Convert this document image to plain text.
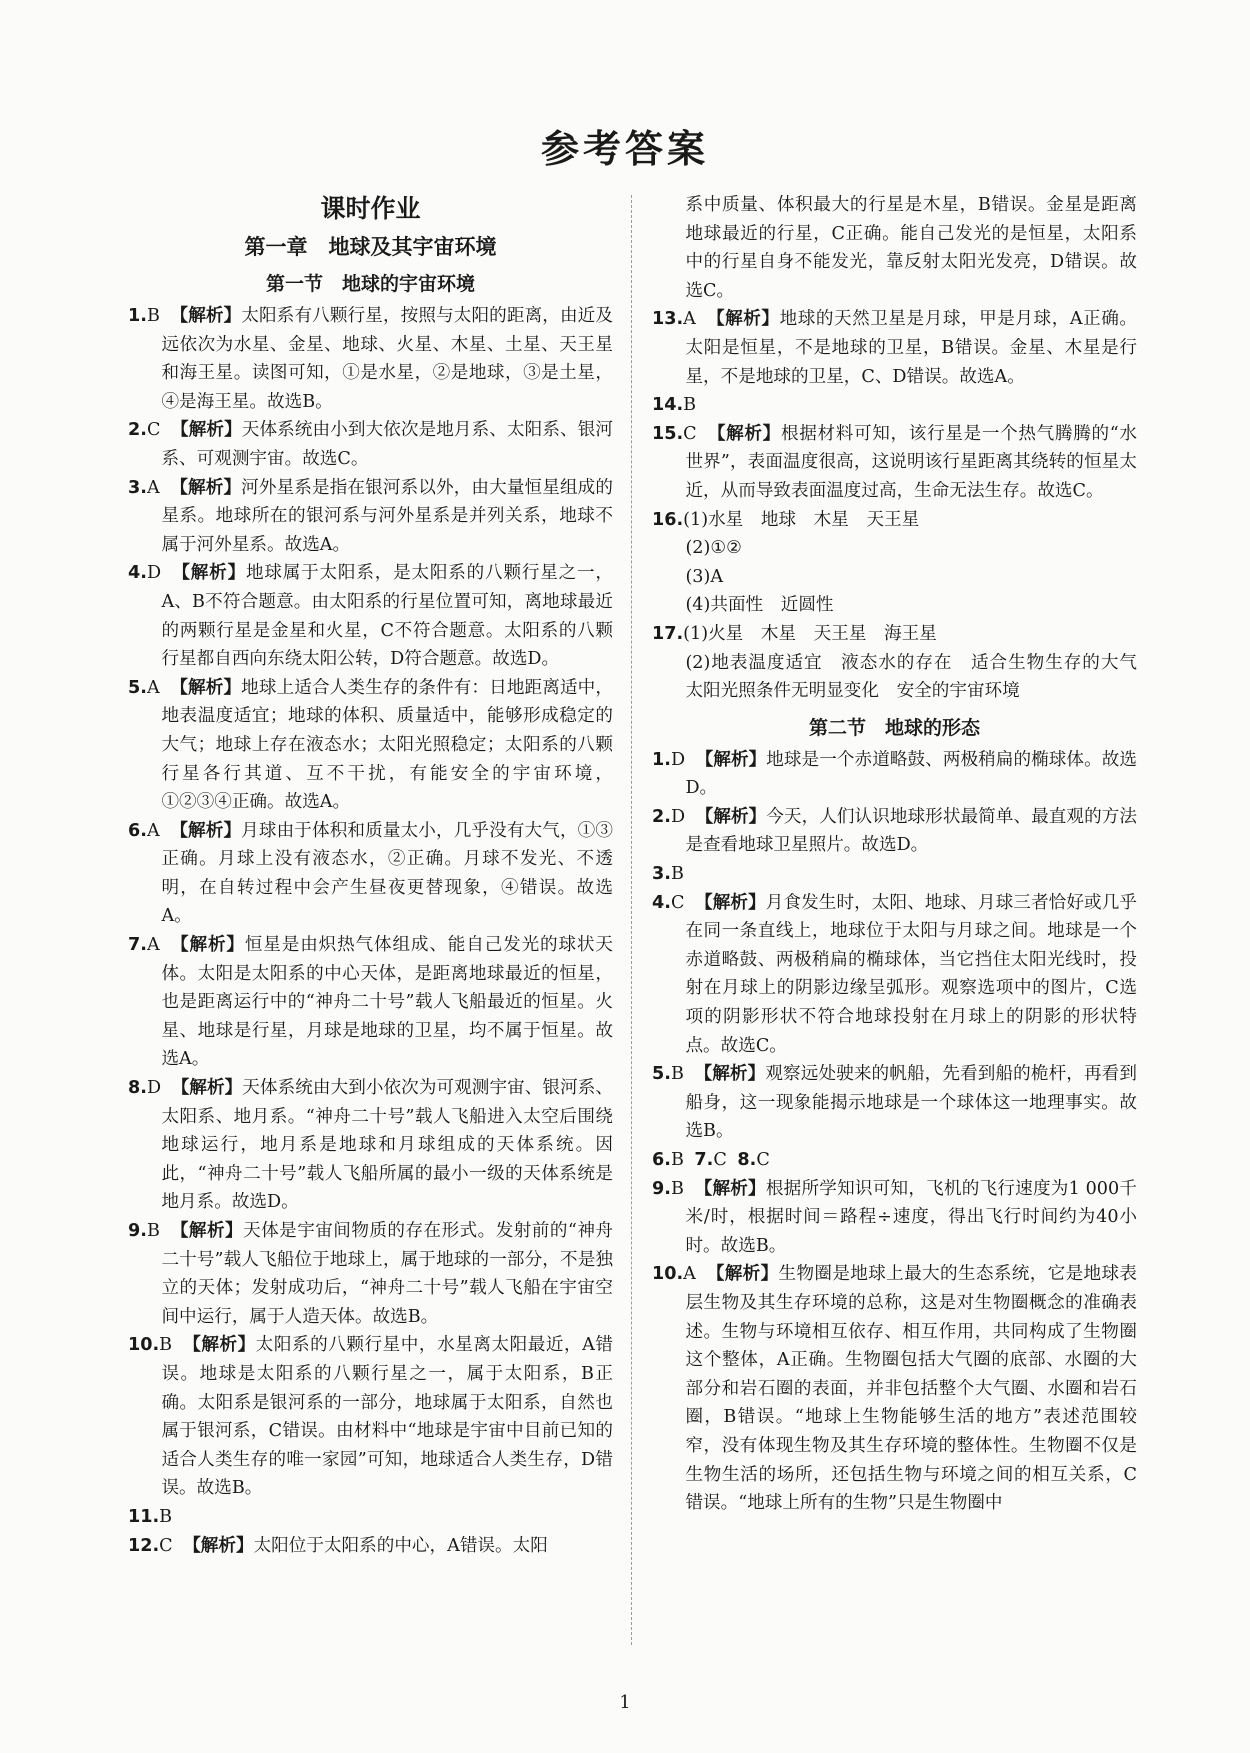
参考答案

课时作业

第一章　地球及其宇宙环境

第一节　地球的宇宙环境

1.B 【解析】太阳系有八颗行星，按照与太阳的距离，由近及远依次为水星、金星、地球、火星、木星、土星、天王星和海王星。读图可知，①是水星，②是地球，③是土星，④是海王星。故选B。

2.C 【解析】天体系统由小到大依次是地月系、太阳系、银河系、可观测宇宙。故选C。

3.A 【解析】河外星系是指在银河系以外，由大量恒星组成的星系。地球所在的银河系与河外星系是并列关系，地球不属于河外星系。故选A。

4.D 【解析】地球属于太阳系，是太阳系的八颗行星之一，A、B不符合题意。由太阳系的行星位置可知，离地球最近的两颗行星是金星和火星，C不符合题意。太阳系的八颗行星都自西向东绕太阳公转，D符合题意。故选D。

5.A 【解析】地球上适合人类生存的条件有：日地距离适中，地表温度适宜；地球的体积、质量适中，能够形成稳定的大气；地球上存在液态水；太阳光照稳定；太阳系的八颗行星各行其道、互不干扰，有能安全的宇宙环境，①②③④正确。故选A。

6.A 【解析】月球由于体积和质量太小，几乎没有大气，①③正确。月球上没有液态水，②正确。月球不发光、不透明，在自转过程中会产生昼夜更替现象，④错误。故选A。

7.A 【解析】恒星是由炽热气体组成、能自己发光的球状天体。太阳是太阳系的中心天体，是距离地球最近的恒星，也是距离运行中的“神舟二十号”载人飞船最近的恒星。火星、地球是行星，月球是地球的卫星，均不属于恒星。故选A。

8.D 【解析】天体系统由大到小依次为可观测宇宙、银河系、太阳系、地月系。“神舟二十号”载人飞船进入太空后围绕地球运行，地月系是地球和月球组成的天体系统。因此，“神舟二十号”载人飞船所属的最小一级的天体系统是地月系。故选D。

9.B 【解析】天体是宇宙间物质的存在形式。发射前的“神舟二十号”载人飞船位于地球上，属于地球的一部分，不是独立的天体；发射成功后，“神舟二十号”载人飞船在宇宙空间中运行，属于人造天体。故选B。

10.B 【解析】太阳系的八颗行星中，水星离太阳最近，A错误。地球是太阳系的八颗行星之一，属于太阳系，B正确。太阳系是银河系的一部分，地球属于太阳系，自然也属于银河系，C错误。由材料中“地球是宇宙中目前已知的适合人类生存的唯一家园”可知，地球适合人类生存，D错误。故选B。

11.B

12.C 【解析】太阳位于太阳系的中心，A错误。太阳

系中质量、体积最大的行星是木星，B错误。金星是距离地球最近的行星，C正确。能自己发光的是恒星，太阳系中的行星自身不能发光，靠反射太阳光发亮，D错误。故选C。

13.A 【解析】地球的天然卫星是月球，甲是月球，A正确。太阳是恒星，不是地球的卫星，B错误。金星、木星是行星，不是地球的卫星，C、D错误。故选A。

14.B

15.C 【解析】根据材料可知，该行星是一个热气腾腾的“水世界”，表面温度很高，这说明该行星距离其绕转的恒星太近，从而导致表面温度过高，生命无法生存。故选C。

16.(1)水星　地球　木星　天王星

(2)①②

(3)A

(4)共面性　近圆性

17.(1)火星　木星　天王星　海王星

(2)地表温度适宜　液态水的存在　适合生物生存的大气　太阳光照条件无明显变化　安全的宇宙环境

第二节　地球的形态

1.D 【解析】地球是一个赤道略鼓、两极稍扁的椭球体。故选D。

2.D 【解析】今天，人们认识地球形状最简单、最直观的方法是查看地球卫星照片。故选D。

3.B

4.C 【解析】月食发生时，太阳、地球、月球三者恰好或几乎在同一条直线上，地球位于太阳与月球之间。地球是一个赤道略鼓、两极稍扁的椭球体，当它挡住太阳光线时，投射在月球上的阴影边缘呈弧形。观察选项中的图片，C选项的阴影形状不符合地球投射在月球上的阴影的形状特点。故选C。

5.B 【解析】观察远处驶来的帆船，先看到船的桅杆，再看到船身，这一现象能揭示地球是一个球体这一地理事实。故选B。

6.B 7.C 8.C

9.B 【解析】根据所学知识可知，飞机的飞行速度为1 000千米/时，根据时间＝路程÷速度，得出飞行时间约为40小时。故选B。

10.A 【解析】生物圈是地球上最大的生态系统，它是地球表层生物及其生存环境的总称，这是对生物圈概念的准确表述。生物与环境相互依存、相互作用，共同构成了生物圈这个整体，A正确。生物圈包括大气圈的底部、水圈的大部分和岩石圈的表面，并非包括整个大气圈、水圈和岩石圈，B错误。“地球上生物能够生活的地方”表述范围较窄，没有体现生物及其生存环境的整体性。生物圈不仅是生物生活的场所，还包括生物与环境之间的相互关系，C错误。“地球上所有的生物”只是生物圈中

1
